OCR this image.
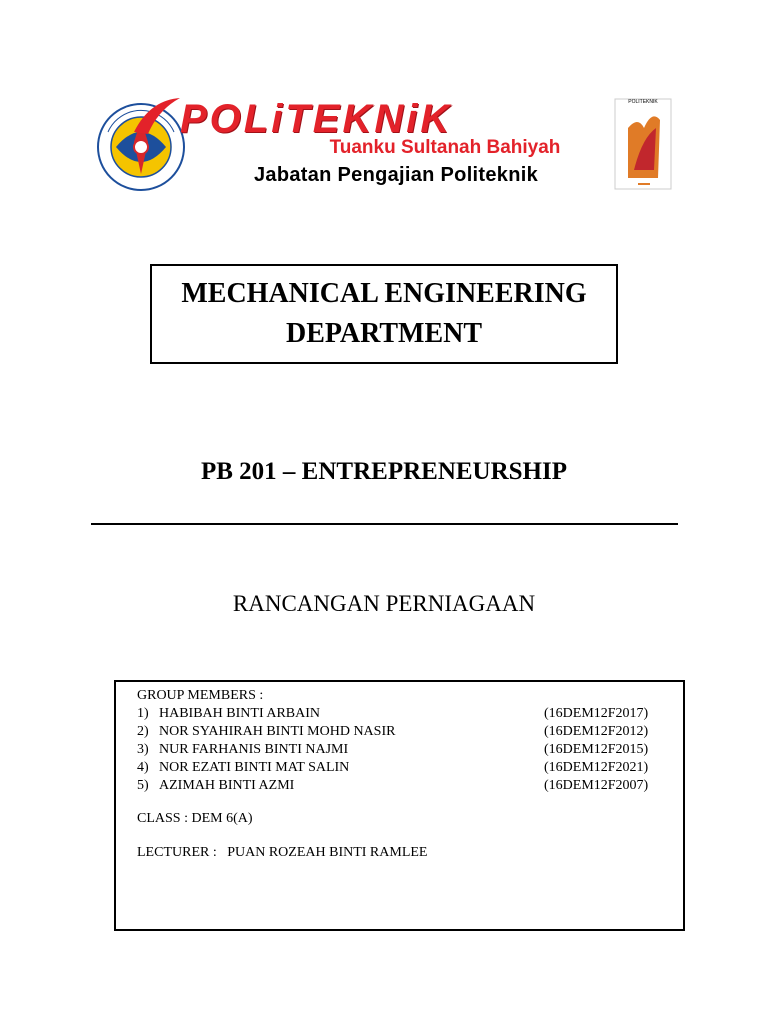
POLiTEKNiK
Tuanku Sultanah Bahiyah
Jabatan Pengajian Politeknik
POLITEKNIK
MECHANICAL ENGINEERING
DEPARTMENT
PB 201 – ENTREPRENEURSHIP
RANCANGAN PERNIAGAAN
GROUP MEMBERS :
1) HABIBAH BINTI ARBAIN	(16DEM12F2017)
2) NOR SYAHIRAH BINTI MOHD NASIR	(16DEM12F2012)
3) NUR FARHANIS BINTI NAJMI	(16DEM12F2015)
4) NOR EZATI BINTI MAT SALIN	(16DEM12F2021)
5) AZIMAH BINTI AZMI	(16DEM12F2007)
CLASS : DEM 6(A)
LECTURER :   PUAN ROZEAH BINTI RAMLEE
